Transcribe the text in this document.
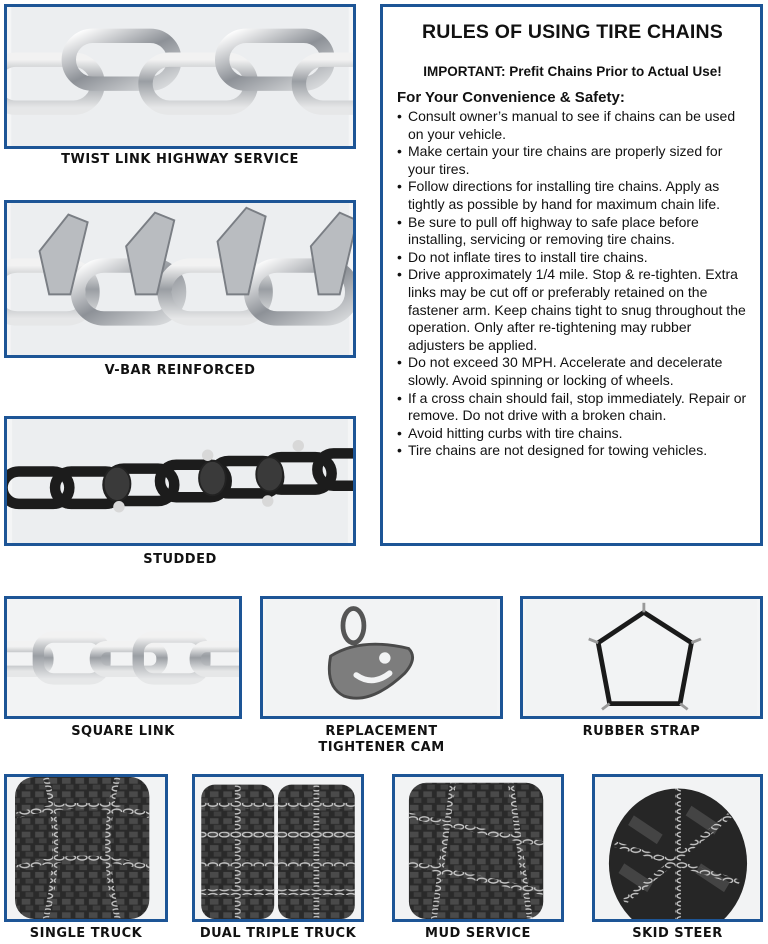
TWIST LINK HIGHWAY SERVICE
V-BAR REINFORCED
STUDDED
RULES OF USING TIRE CHAINS
IMPORTANT: Prefit Chains Prior to Actual Use!
For Your Convenience & Safety:
• Consult owner’s manual to see if chains can be used on your vehicle.
• Make certain your tire chains are properly sized for your tires.
• Follow directions for installing tire chains. Apply as tightly as possible by hand for maximum chain life.
• Be sure to pull off highway to safe place before installing, servicing or removing tire chains.
• Do not inflate tires to install tire chains.
• Drive approximately 1/4 mile. Stop & re-tighten. Extra links may be cut off or preferably retained on the fastener arm. Keep chains tight to snug throughout the operation. Only after re-tightening may rubber adjusters be applied.
• Do not exceed 30 MPH. Accelerate and decelerate slowly. Avoid spinning or locking of wheels.
• If a cross chain should fail, stop immediately. Repair or remove. Do not drive with a broken chain.
• Avoid hitting curbs with tire chains.
• Tire chains are not designed for towing vehicles.
SQUARE LINK	REPLACEMENT
TIGHTENER CAM
RUBBER STRAP
SINGLE TRUCK	DUAL TRIPLE TRUCK	MUD SERVICE	SKID STEER
